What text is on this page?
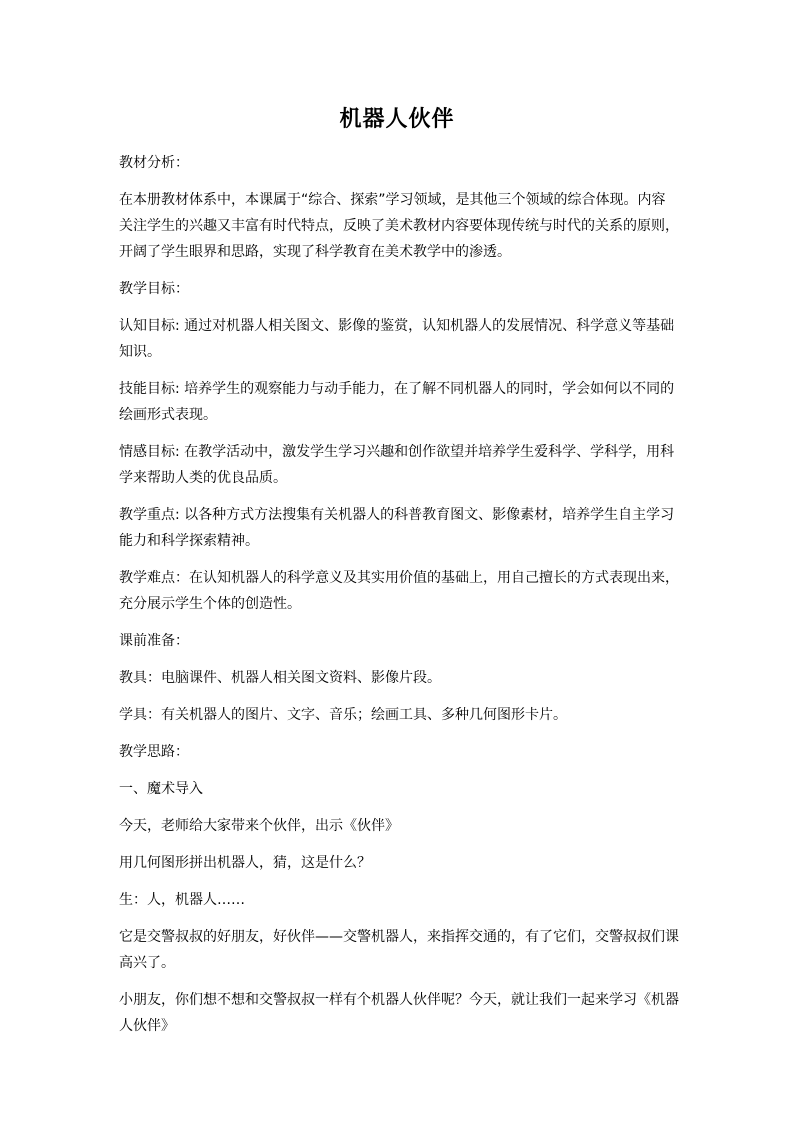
机器人伙伴

教材分析：

在本册教材体系中，本课属于“综合、探索”学习领域，是其他三个领域的综合体现。内容关注学生的兴趣又丰富有时代特点，反映了美术教材内容要体现传统与时代的关系的原则，开阔了学生眼界和思路，实现了科学教育在美术教学中的渗透。

教学目标：

认知目标: 通过对机器人相关图文、影像的鉴赏，认知机器人的发展情况、科学意义等基础知识。

技能目标: 培养学生的观察能力与动手能力，在了解不同机器人的同时，学会如何以不同的绘画形式表现。

情感目标: 在教学活动中，激发学生学习兴趣和创作欲望并培养学生爱科学、学科学，用科学来帮助人类的优良品质。

教学重点: 以各种方式方法搜集有关机器人的科普教育图文、影像素材，培养学生自主学习能力和科学探索精神。

教学难点：在认知机器人的科学意义及其实用价值的基础上，用自己擅长的方式表现出来，充分展示学生个体的创造性。

课前准备：

教具：电脑课件、机器人相关图文资料、影像片段。

学具：有关机器人的图片、文字、音乐；绘画工具、多种几何图形卡片。

教学思路：

一、魔术导入

今天，老师给大家带来个伙伴，出示《伙伴》

用几何图形拼出机器人，猜，这是什么？

生：人，机器人……

它是交警叔叔的好朋友，好伙伴——交警机器人，来指挥交通的，有了它们，交警叔叔们课高兴了。

小朋友，你们想不想和交警叔叔一样有个机器人伙伴呢？今天，就让我们一起来学习《机器人伙伴》
